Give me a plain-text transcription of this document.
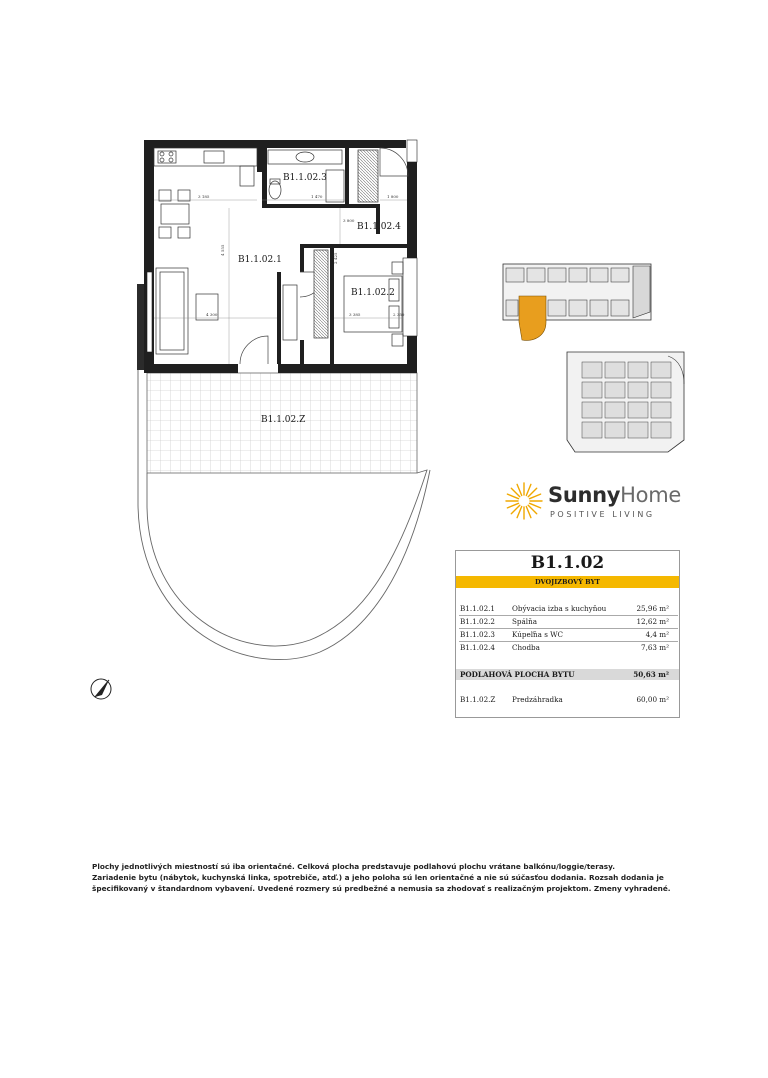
3 185	1 470	1 800
3 800
4 555
4 300
2 425
3 385	2 350
B1.1.02.3
B1.1.02.4
B1.1.02.1
B1.1.02.2
B1.1.02.Z
SunnyHome
POSITIVE LIVING
B1.1.02
DVOJIZBOVÝ BYT
B1.1.02.1 Obývacia izba s kuchyňou	25,96 m²
B1.1.02.2 Spálňa	12,62 m²
B1.1.02.3 Kúpeľňa s WC	4,4 m²
B1.1.02.4 Chodba	7,63 m²
PODLAHOVÁ PLOCHA BYTU	50,63 m²
B1.1.02.Z Predzáhradka	60,00 m²

Plochy jednotlivých miestností sú iba orientačné. Celková plocha predstavuje podlahovú plochu vrátane balkónu/loggie/terasy.

Zariadenie bytu (nábytok, kuchynská linka, spotrebiče, atď.) a jeho poloha sú len orientačné a nie sú súčasťou dodania. Rozsah dodania je

špecifikovaný v štandardnom vybavení. Uvedené rozmery sú predbežné a nemusia sa zhodovať s realizačným projektom. Zmeny vyhradené.
